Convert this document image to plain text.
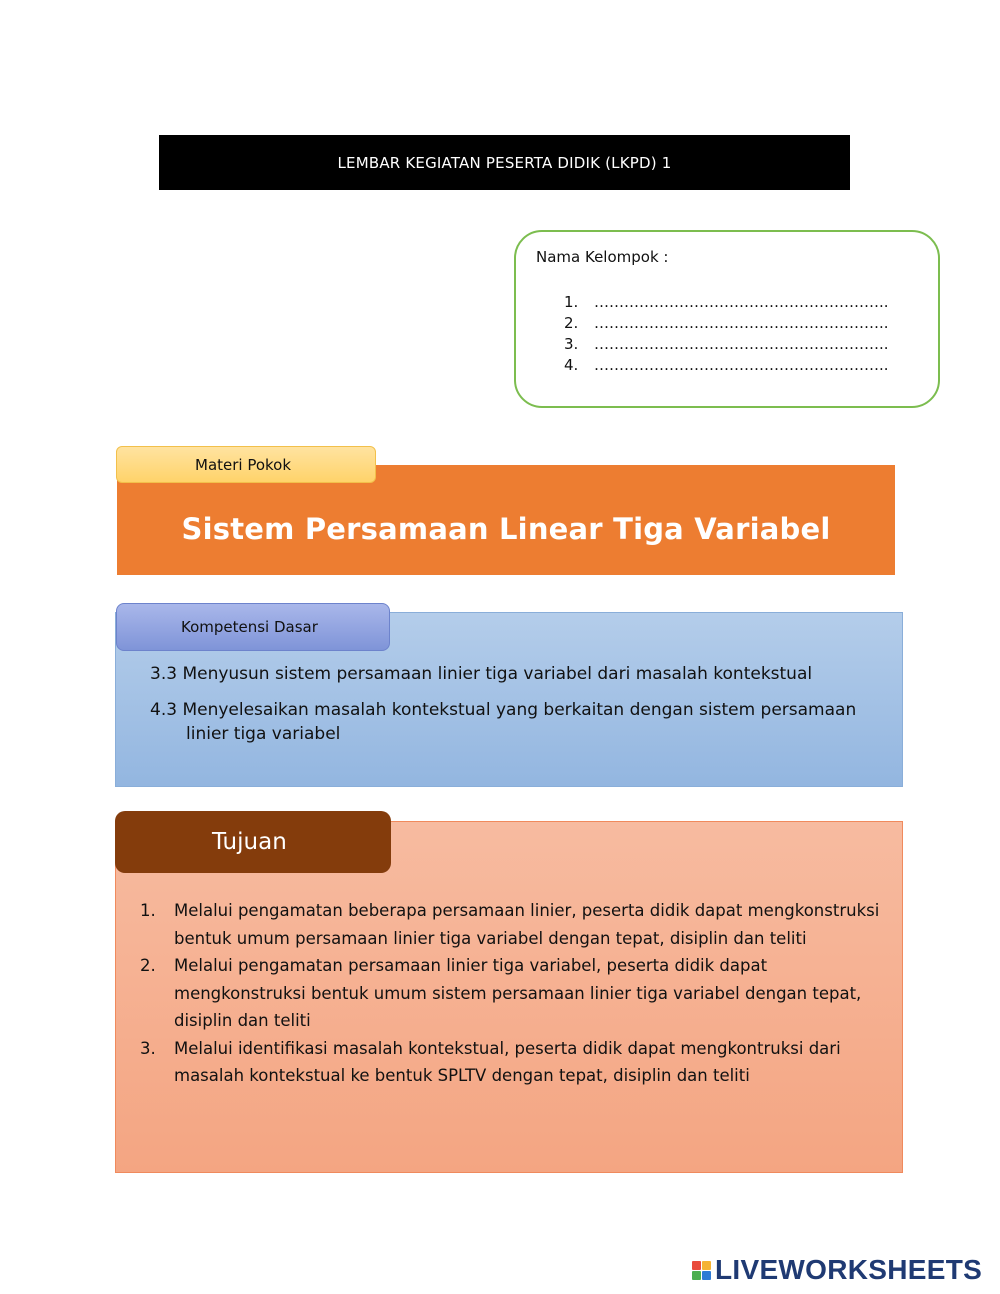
LEMBAR KEGIATAN PESERTA DIDIK (LKPD) 1
Nama Kelompok :
1. …………………………………………………..
2. …………………………………………………..
3. …………………………………………………..
4. …………………………………………………..
Materi Pokok
Sistem Persamaan Linear Tiga Variabel
Kompetensi Dasar
3.3 Menyusun sistem persamaan linier tiga variabel dari masalah kontekstual
4.3 Menyelesaikan masalah kontekstual yang berkaitan dengan sistem persamaan
linier tiga variabel
Tujuan
1. Melalui pengamatan beberapa persamaan linier, peserta didik dapat mengkonstruksi bentuk umum persamaan linier tiga variabel dengan tepat, disiplin dan teliti
2. Melalui pengamatan persamaan linier tiga variabel, peserta didik dapat mengkonstruksi bentuk umum sistem persamaan linier tiga variabel dengan tepat, disiplin dan teliti
3. Melalui identifikasi masalah kontekstual, peserta didik dapat mengkontruksi dari masalah kontekstual ke bentuk SPLTV dengan tepat, disiplin dan teliti
LIVEWORKSHEETS
